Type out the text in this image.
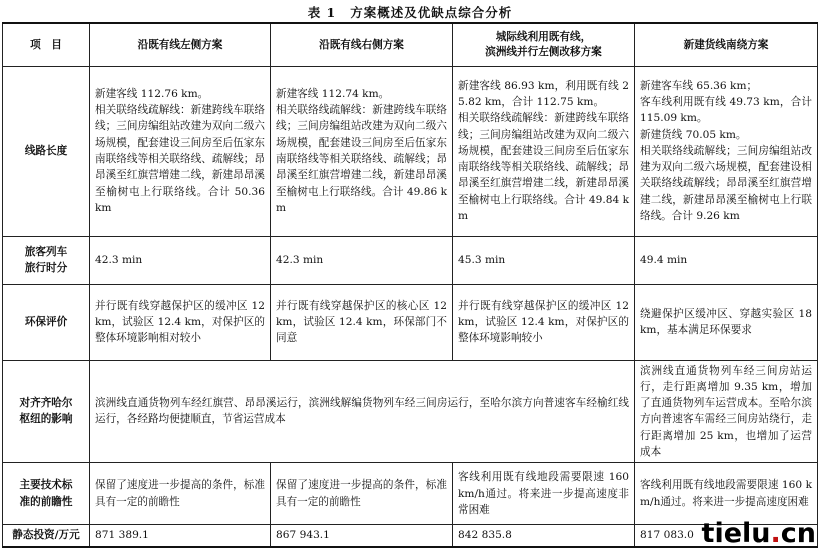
表 1 方案概述及优缺点综合分析
项　目	沿既有线左侧方案	沿既有线右侧方案	城际线利用既有线，
滨洲线并行左侧改移方案	新建货线南绕方案
线路长度	新建客线 112.76 km。
相关联络线疏解线：新建跨线车联络线；三间房编组站改建为双向二级六场规模，配套建设三间房至后伍家东南联络线等相关联络线、疏解线；昂昂溪至红旗营增建二线，新建昂昂溪至榆树屯上行联络线。合计 50.36 km	新建客线 112.74 km。
相关联络线疏解线：新建跨线车联络线；三间房编组站改建为双向二级六场规模，配套建设三间房至后伍家东南联络线等相关联络线、疏解线；昂昂溪至红旗营增建二线，新建昂昂溪至榆树屯上行联络线。合计 49.86 km	新建客线 86.93 km，利用既有线 25.82 km，合计 112.75 km。
相关联络线疏解线：新建跨线车联络线；三间房编组站改建为双向二级六场规模，配套建设三间房至后伍家东南联络线等相关联络线、疏解线；昂昂溪至红旗营增建二线，新建昂昂溪至榆树屯上行联络线。合计 49.84 km	新建客车线 65.36 km；
客车线利用既有线 49.73 km，合计 115.09 km。
新建货线 70.05 km。
相关联络线疏解线；三间房编组站改建为双向二级六场规模，配套建设相关联络线疏解线；昂昂溪至红旗营增建二线，新建昂昂溪至榆树屯上行联络线。合计 9.26 km
旅客列车
旅行时分	42.3 min	42.3 min	45.3 min	49.4 min
环保评价	并行既有线穿越保护区的缓冲区 12 km，试验区 12.4 km，对保护区的整体环境影响相对较小	并行既有线穿越保护区的核心区 12 km，试验区 12.4 km，环保部门不同意	并行既有线穿越保护区的缓冲区 12 km，试验区 12.4 km，对保护区的整体环境影响较小	绕避保护区缓冲区、穿越实验区 18 km，基本满足环保要求
对齐齐哈尔
枢纽的影响	滨洲线直通货物列车经红旗营、昂昂溪运行，滨洲线解编货物列车经三间房运行，至哈尔滨方向普速客车经榆红线运行，各经路均便捷顺直，节省运营成本			滨洲线直通货物列车经三间房站运行，走行距离增加 9.35 km，增加了直通货物列车运营成本。至哈尔滨方向普速客车需经三间房站绕行，走行距离增加 25 km，也增加了运营成本
主要技术标
准的前瞻性	保留了速度进一步提高的条件，标准具有一定的前瞻性	保留了速度进一步提高的条件，标准具有一定的前瞻性	客线利用既有线地段需要限速 160 km/h通过。将来进一步提高速度非常困难	客线利用既有线地段需要限速 160 km/h通过。将来进一步提高速度困难
静态投资/万元	871 389.1	867 943.1	842 835.8	817 083.0 tielu.cn
